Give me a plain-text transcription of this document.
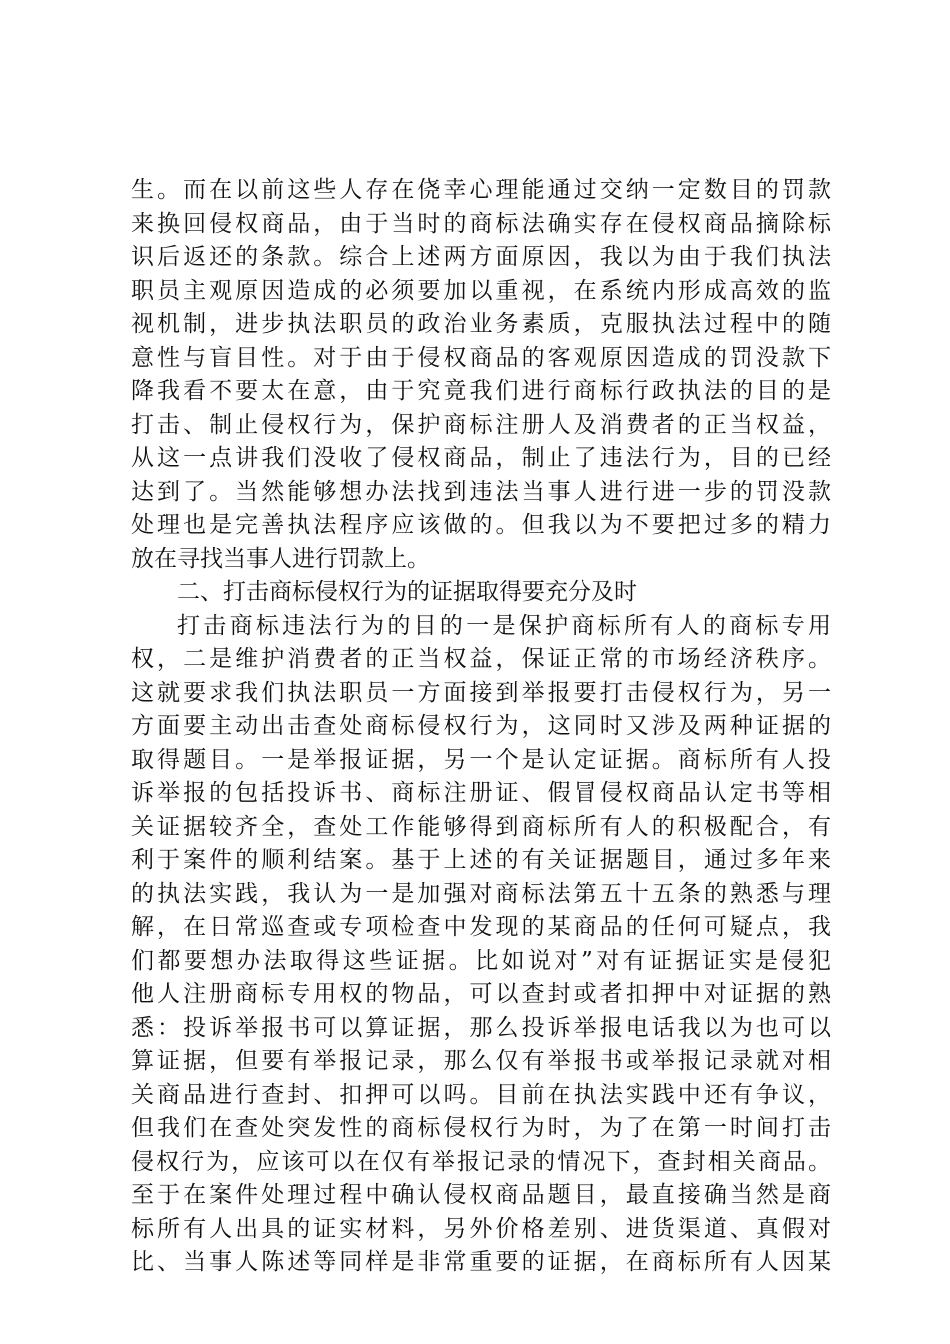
生。而在以前这些人存在侥幸心理能通过交纳一定数目的罚款
来换回侵权商品，由于当时的商标法确实存在侵权商品摘除标
识后返还的条款。综合上述两方面原因，我以为由于我们执法
职员主观原因造成的必须要加以重视，在系统内形成高效的监
视机制，进步执法职员的政治业务素质，克服执法过程中的随
意性与盲目性。对于由于侵权商品的客观原因造成的罚没款下
降我看不要太在意，由于究竟我们进行商标行政执法的目的是
打击、制止侵权行为，保护商标注册人及消费者的正当权益，
从这一点讲我们没收了侵权商品，制止了违法行为，目的已经
达到了。当然能够想办法找到违法当事人进行进一步的罚没款
处理也是完善执法程序应该做的。但我以为不要把过多的精力
放在寻找当事人进行罚款上。
二、打击商标侵权行为的证据取得要充分及时
打击商标违法行为的目的一是保护商标所有人的商标专用
权，二是维护消费者的正当权益，保证正常的市场经济秩序。
这就要求我们执法职员一方面接到举报要打击侵权行为，另一
方面要主动出击查处商标侵权行为，这同时又涉及两种证据的
取得题目。一是举报证据，另一个是认定证据。商标所有人投
诉举报的包括投诉书、商标注册证、假冒侵权商品认定书等相
关证据较齐全，查处工作能够得到商标所有人的积极配合，有
利于案件的顺利结案。基于上述的有关证据题目，通过多年来
的执法实践，我认为一是加强对商标法第五十五条的熟悉与理
解，在日常巡查或专项检查中发现的某商品的任何可疑点，我
们都要想办法取得这些证据。比如说对”对有证据证实是侵犯
他人注册商标专用权的物品，可以查封或者扣押中对证据的熟
悉：投诉举报书可以算证据，那么投诉举报电话我以为也可以
算证据，但要有举报记录，那么仅有举报书或举报记录就对相
关商品进行查封、扣押可以吗。目前在执法实践中还有争议，
但我们在查处突发性的商标侵权行为时，为了在第一时间打击
侵权行为，应该可以在仅有举报记录的情况下，查封相关商品。
至于在案件处理过程中确认侵权商品题目，最直接确当然是商
标所有人出具的证实材料，另外价格差别、进货渠道、真假对
比、当事人陈述等同样是非常重要的证据，在商标所有人因某
